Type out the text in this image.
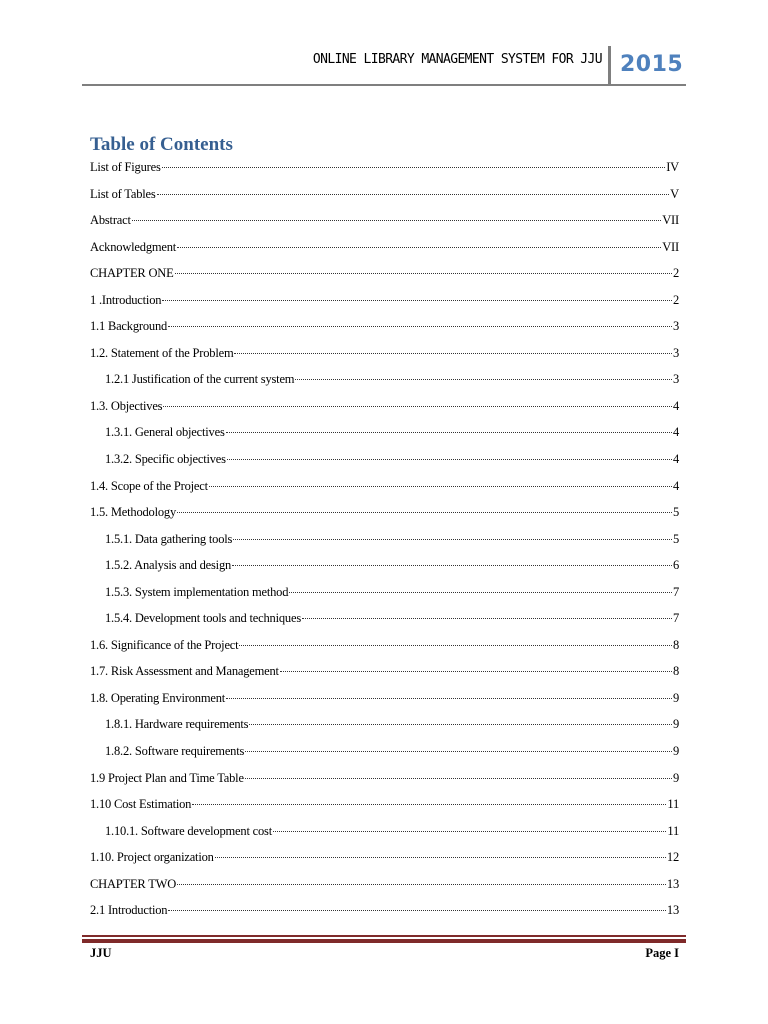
ONLINE LIBRARY MANAGEMENT SYSTEM FOR JJU 2015
Table of Contents
List of Figures	IV
List of Tables	V
Abstract	VII
Acknowledgment	VII
CHAPTER ONE	2
1 .Introduction	2
1.1 Background	3
1.2. Statement of the Problem	3
1.2.1 Justification of the current system	3
1.3. Objectives	4
1.3.1. General objectives	4
1.3.2. Specific objectives	4
1.4. Scope of the Project	4
1.5. Methodology	5
1.5.1. Data gathering tools	5
1.5.2. Analysis and design	6
1.5.3. System implementation method	7
1.5.4. Development tools and techniques	7
1.6. Significance of the Project	8
1.7. Risk Assessment and Management	8
1.8. Operating Environment	9
1.8.1. Hardware requirements	9
1.8.2. Software requirements	9
1.9 Project Plan and Time Table	9
1.10 Cost Estimation	11
1.10.1. Software development cost	11
1.10. Project organization	12
CHAPTER TWO	13
2.1 Introduction	13
JJU	Page I
